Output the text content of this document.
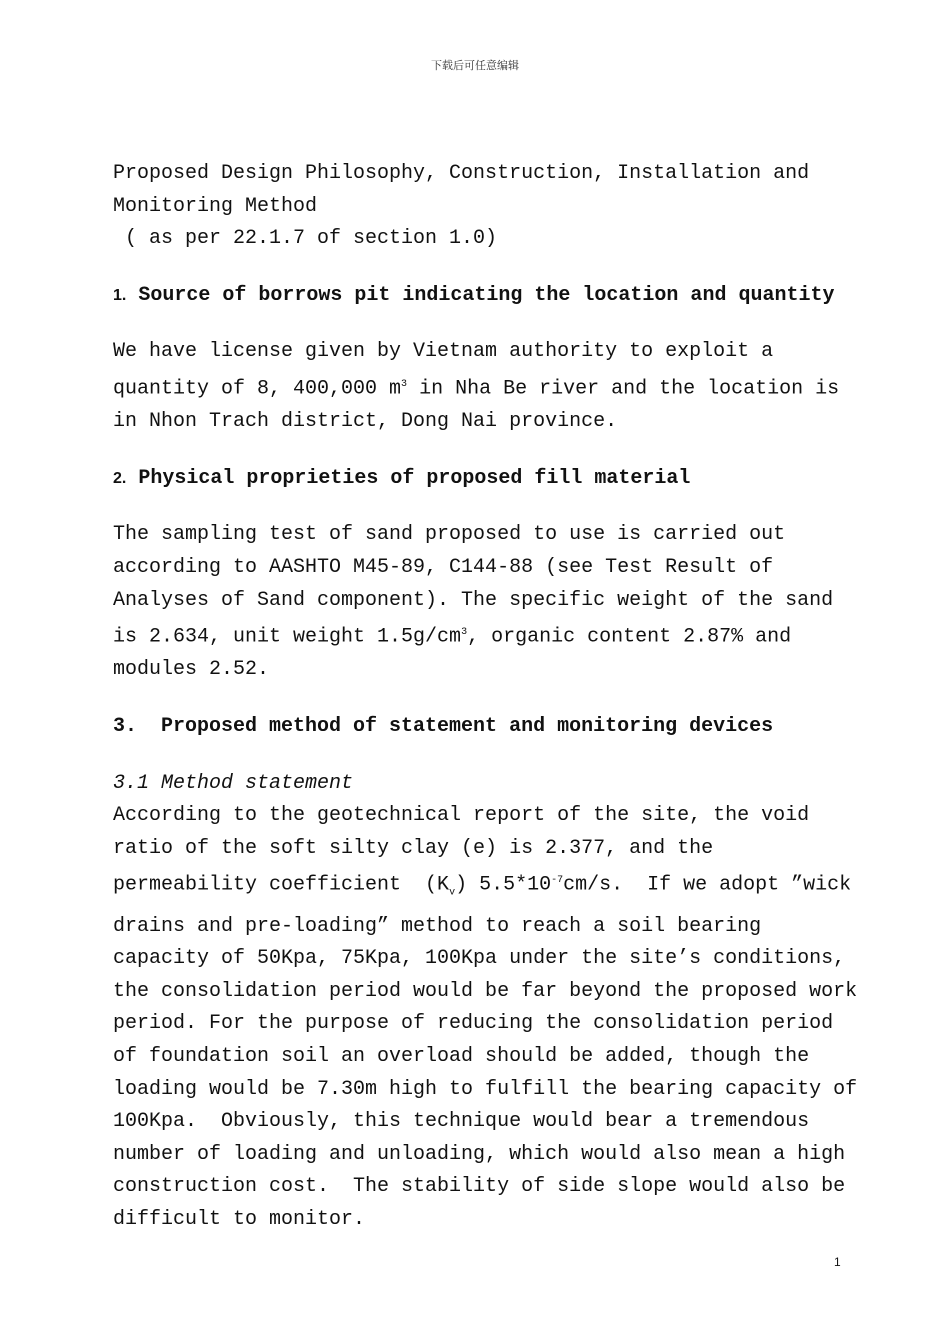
下载后可任意编辑
Proposed Design Philosophy, Construction, Installation and
Monitoring Method
( as per 22.1.7 of section 1.0)
1. Source of borrows pit indicating the location and quantity
We have license given by Vietnam authority to exploit a
quantity of 8, 400,000 $m^3$ in Nha Be river and the location is
in Nhon Trach district, Dong Nai province.
2. Physical proprieties of proposed fill material
The sampling test of sand proposed to use is carried out
according to AASHTO M45-89, C144-88 (see Test Result of
Analyses of Sand component). The specific weight of the sand
is 2.634, unit weight $1.5g/cm^3$, organic content 2.87% and
modules 2.52.
3.  Proposed method of statement and monitoring devices
3.1 Method statement
According to the geotechnical report of the site, the void
ratio of the soft silty clay (e) is 2.377, and the
permeability coefficient  $(K_v)$ $5.5*10^{-7}cm/s$.  If we adopt ”wick
drains and pre-loading” method to reach a soil bearing
capacity of 50Kpa, 75Kpa, 100Kpa under the site’s conditions,
the consolidation period would be far beyond the proposed work
period. For the purpose of reducing the consolidation period
of foundation soil an overload should be added, though the
loading would be 7.30m high to fulfill the bearing capacity of
100Kpa.  Obviously, this technique would bear a tremendous
number of loading and unloading, which would also mean a high
construction cost.  The stability of side slope would also be
difficult to monitor.
1
